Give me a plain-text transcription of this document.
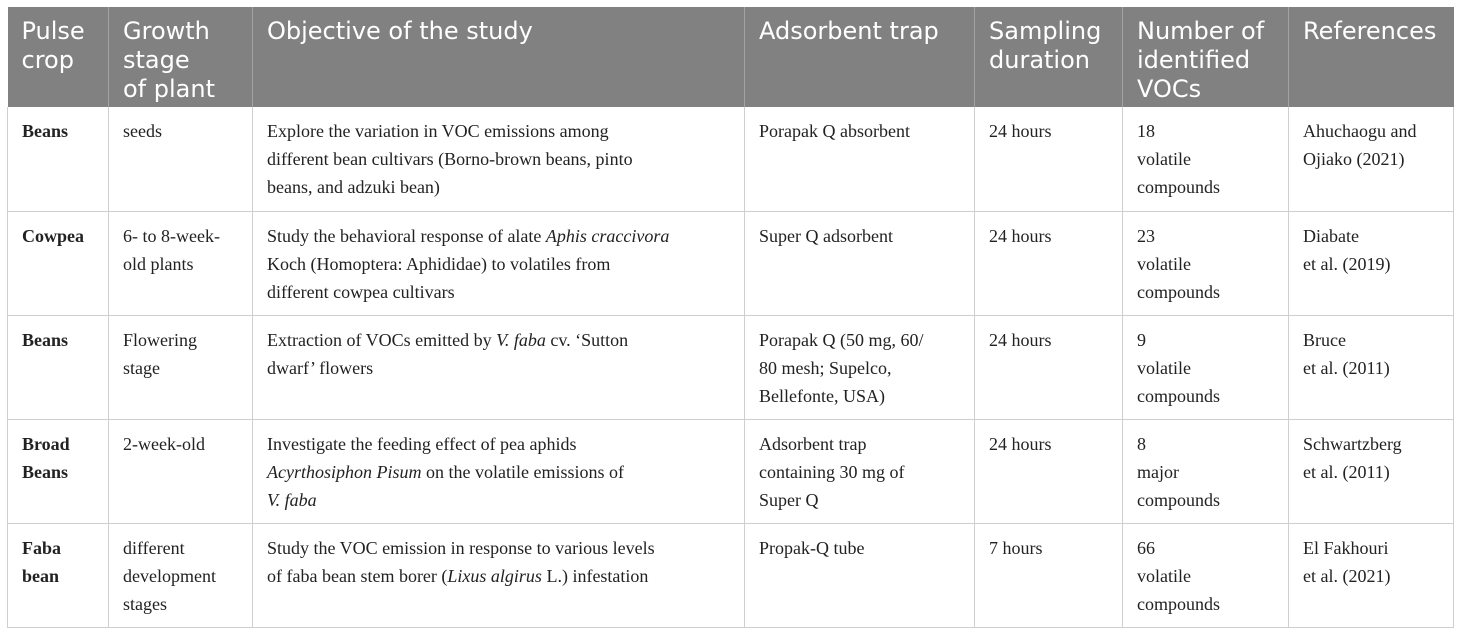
Pulse
crop	Growth
stage
of plant	Objective of the study	Adsorbent trap	Sampling
duration	Number of
identified
VOCs	References

Beans	seeds	Explore the variation in VOC emissions among
different bean cultivars (Borno-brown beans, pinto
beans, and adzuki bean)	Porapak Q absorbent	24 hours	18
volatile
compounds	Ahuchaogu and
Ojiako (2021)

Cowpea	6- to 8-week-
old plants	Study the behavioral response of alate Aphis craccivora
Koch (Homoptera: Aphididae) to volatiles from
different cowpea cultivars	Super Q adsorbent	24 hours	23
volatile
compounds	Diabate
et al. (2019)

Beans	Flowering
stage	Extraction of VOCs emitted by V. faba cv. ‘Sutton
dwarf’ flowers	Porapak Q (50 mg, 60/
80 mesh; Supelco,
Bellefonte, USA)	24 hours	9
volatile
compounds	Bruce
et al. (2011)

Broad
Beans	2-week-old	Investigate the feeding effect of pea aphids
Acyrthosiphon Pisum on the volatile emissions of
V. faba	Adsorbent trap
containing 30 mg of
Super Q	24 hours	8
major
compounds	Schwartzberg
et al. (2011)

Faba
bean	different
development
stages	Study the VOC emission in response to various levels
of faba bean stem borer (Lixus algirus L.) infestation	Propak-Q tube	7 hours	66
volatile
compounds	El Fakhouri
et al. (2021)
